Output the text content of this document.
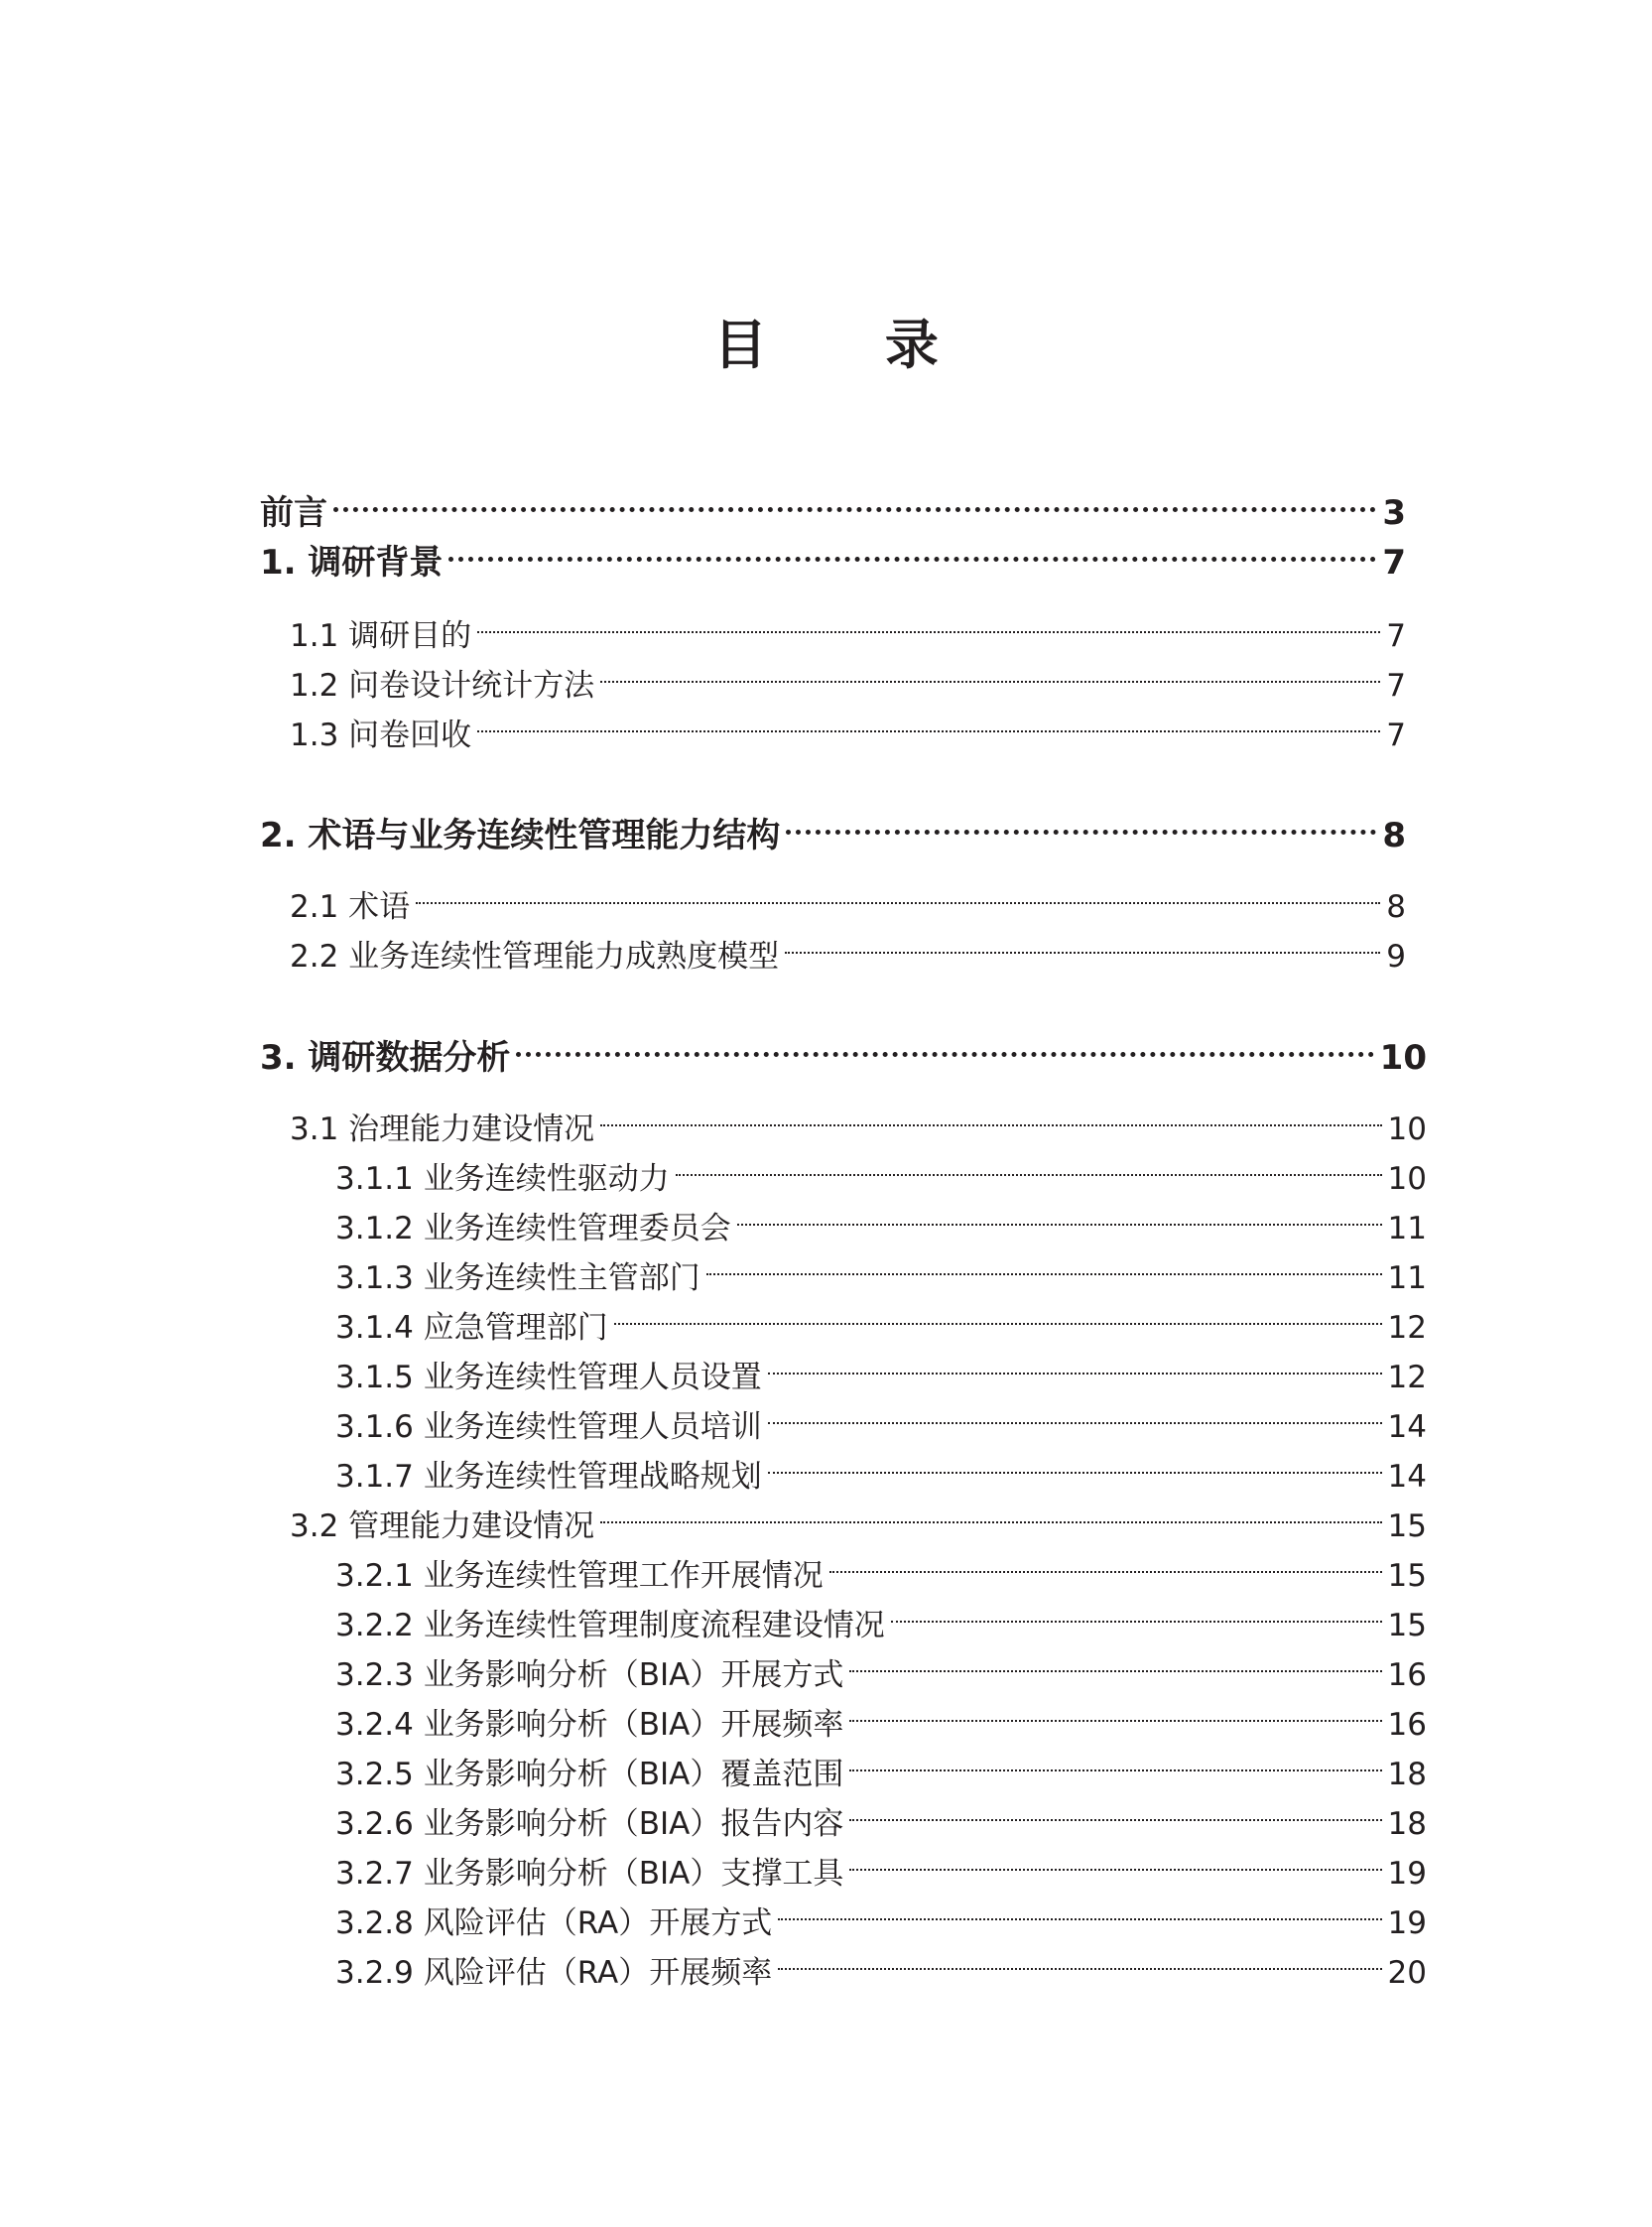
目 录
前言	3
1. 调研背景	7
1.1 调研目的	7
1.2 问卷设计统计方法	7
1.3 问卷回收	7
2. 术语与业务连续性管理能力结构	8
2.1 术语	8
2.2 业务连续性管理能力成熟度模型	9
3. 调研数据分析	10
3.1 治理能力建设情况	10
3.1.1 业务连续性驱动力	10
3.1.2 业务连续性管理委员会	11
3.1.3 业务连续性主管部门	11
3.1.4 应急管理部门	12
3.1.5 业务连续性管理人员设置	12
3.1.6 业务连续性管理人员培训	14
3.1.7 业务连续性管理战略规划	14
3.2 管理能力建设情况	15
3.2.1 业务连续性管理工作开展情况	15
3.2.2 业务连续性管理制度流程建设情况	15
3.2.3 业务影响分析（BIA）开展方式	16
3.2.4 业务影响分析（BIA）开展频率	16
3.2.5 业务影响分析（BIA）覆盖范围	18
3.2.6 业务影响分析（BIA）报告内容	18
3.2.7 业务影响分析（BIA）支撑工具	19
3.2.8 风险评估（RA）开展方式	19
3.2.9 风险评估（RA）开展频率	20
